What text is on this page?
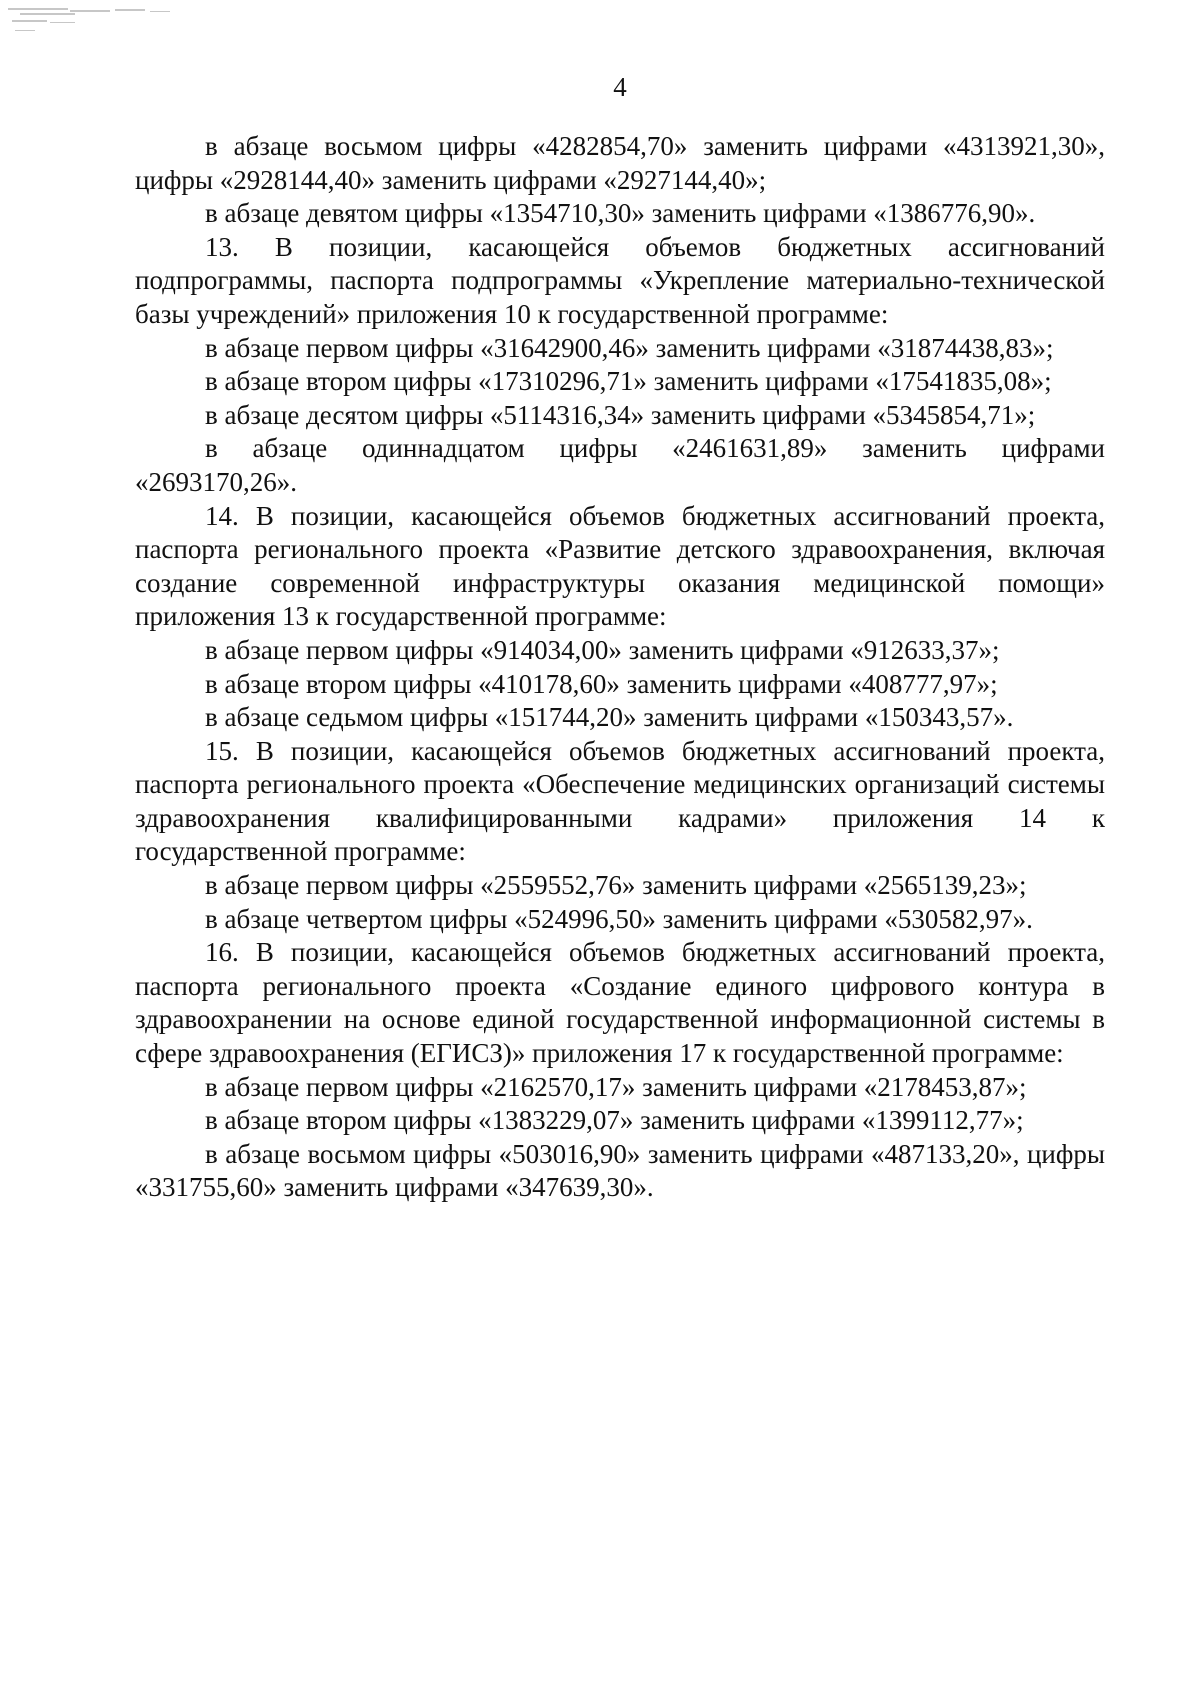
4

в абзаце восьмом цифры «4282854,70» заменить цифрами «4313921,30», цифры «2928144,40» заменить цифрами «2927144,40»;

в абзаце девятом цифры «1354710,30» заменить цифрами «1386776,90».

13. В позиции, касающейся объемов бюджетных ассигнований подпрограммы, паспорта подпрограммы «Укрепление материально-технической базы учреждений» приложения 10 к государственной программе:

в абзаце первом цифры «31642900,46» заменить цифрами «31874438,83»;

в абзаце втором цифры «17310296,71» заменить цифрами «17541835,08»;

в абзаце десятом цифры «5114316,34» заменить цифрами «5345854,71»;

в абзаце одиннадцатом цифры «2461631,89» заменить цифрами «2693170,26».

14. В позиции, касающейся объемов бюджетных ассигнований проекта, паспорта регионального проекта «Развитие детского здравоохранения, включая создание современной инфраструктуры оказания медицинской помощи» приложения 13 к государственной программе:

в абзаце первом цифры «914034,00» заменить цифрами «912633,37»;

в абзаце втором цифры «410178,60» заменить цифрами «408777,97»;

в абзаце седьмом цифры «151744,20» заменить цифрами «150343,57».

15. В позиции, касающейся объемов бюджетных ассигнований проекта, паспорта регионального проекта «Обеспечение медицинских организаций системы здравоохранения квалифицированными кадрами» приложения 14 к государственной программе:

в абзаце первом цифры «2559552,76» заменить цифрами «2565139,23»;

в абзаце четвертом цифры «524996,50» заменить цифрами «530582,97».

16. В позиции, касающейся объемов бюджетных ассигнований проекта, паспорта регионального проекта «Создание единого цифрового контура в здравоохранении на основе единой государственной информационной системы в сфере здравоохранения (ЕГИСЗ)» приложения 17 к государственной программе:

в абзаце первом цифры «2162570,17» заменить цифрами «2178453,87»;

в абзаце втором цифры «1383229,07» заменить цифрами «1399112,77»;

в абзаце восьмом цифры «503016,90» заменить цифрами «487133,20», цифры «331755,60» заменить цифрами «347639,30».
